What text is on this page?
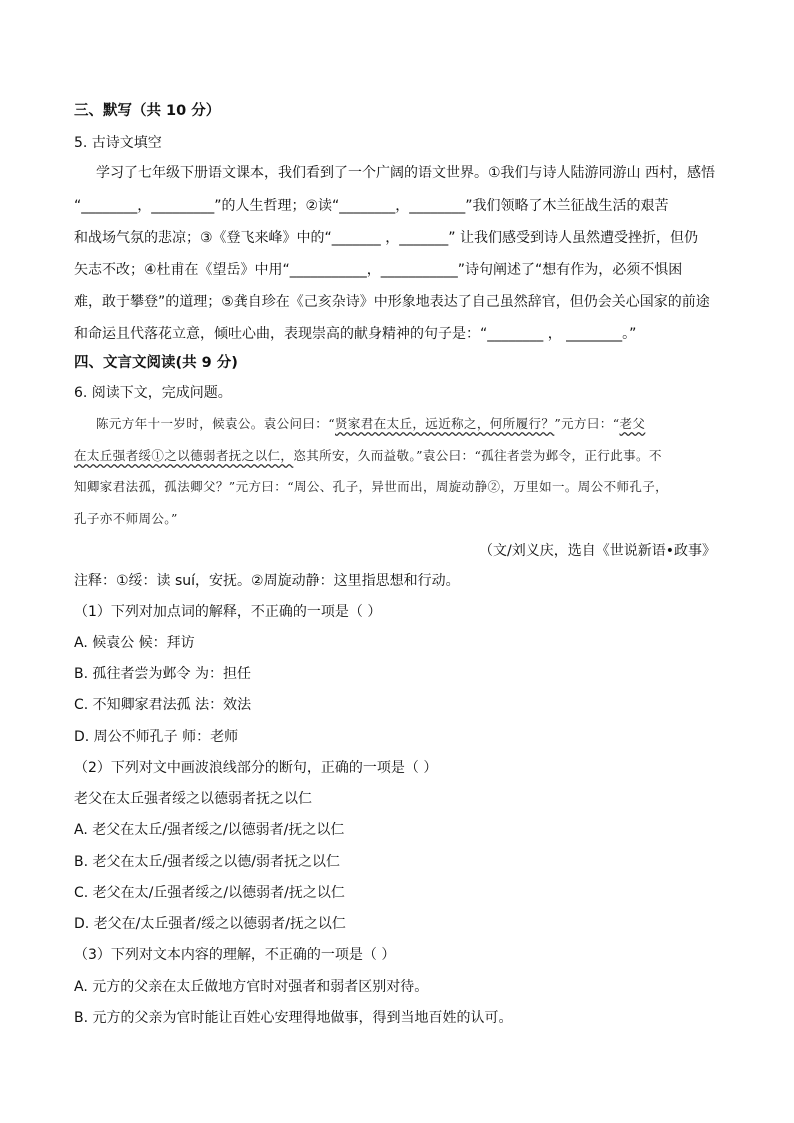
三、默写（共 10 分）
5. 古诗文填空
学习了七年级下册语文课本，我们看到了一个广阔的语文世界。①我们与诗人陆游同游山 西村，感悟
“________，_________”的人生哲理；②读“________，________”我们领略了木兰征战生活的艰苦
和战场气氛的悲凉；③《登飞来峰》中的“_______ ，_______” 让我们感受到诗人虽然遭受挫折，但仍
矢志不改；④杜甫在《望岳》中用“___________，___________”诗句阐述了“想有作为，必须不惧困
难，敢于攀登”的道理；⑤龚自珍在《己亥杂诗》中形象地表达了自己虽然辞官，但仍会关心国家的前途
和命运且代落花立意，倾吐心曲，表现崇高的献身精神的句子是：“________ ， ________。”
四、文言文阅读(共 9 分)
6. 阅读下文，完成问题。
陈元方年十一岁时，候袁公。袁公问曰：“贤家君在太丘，远近称之，何所履行？”元方曰：“老父
在太丘强者绥①之以德弱者抚之以仁，恣其所安，久而益敬。”袁公曰：“孤往者尝为邺令，正行此事。不
知卿家君法孤，孤法卿父？”元方曰：“周公、孔子，异世而出，周旋动静②，万里如一。周公不师孔子，
孔子亦不师周公。”
（文/刘义庆，选自《世说新语•政事》
注释：①绥：读 suí，安抚。②周旋动静：这里指思想和行动。
（1）下列对加点词的解释，不正确的一项是（ ）
A. 候袁公 候：拜访
B. 孤往者尝为邺令 为：担任
C. 不知卿家君法孤 法：效法
D. 周公不师孔子 师：老师
（2）下列对文中画波浪线部分的断句，正确的一项是（ ）
老父在太丘强者绥之以德弱者抚之以仁
A. 老父在太丘/强者绥之/以德弱者/抚之以仁
B. 老父在太丘/强者绥之以德/弱者抚之以仁
C. 老父在太/丘强者绥之/以德弱者/抚之以仁
D. 老父在/太丘强者/绥之以德弱者/抚之以仁
（3）下列对文本内容的理解，不正确的一项是（ ）
A. 元方的父亲在太丘做地方官时对强者和弱者区别对待。
B. 元方的父亲为官时能让百姓心安理得地做事，得到当地百姓的认可。
